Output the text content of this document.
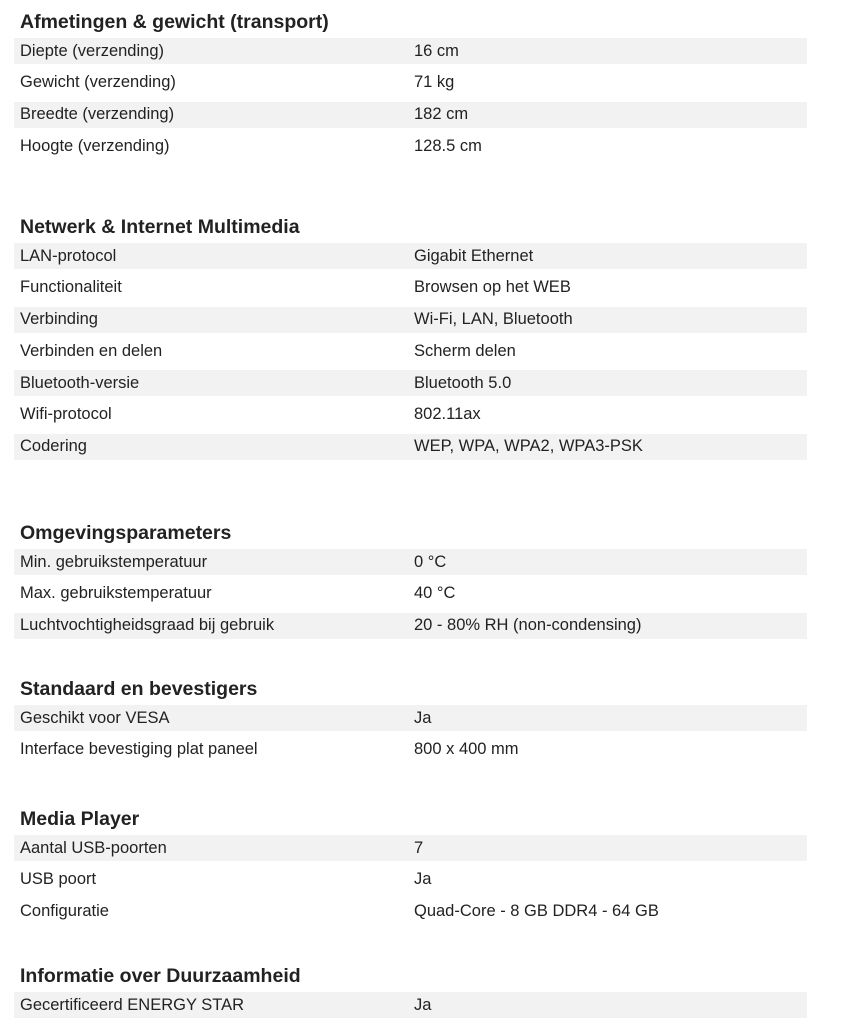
Afmetingen & gewicht (transport)
Diepte (verzending)	16 cm
Gewicht (verzending)	71 kg
Breedte (verzending)	182 cm
Hoogte (verzending)	128.5 cm
Netwerk & Internet Multimedia
LAN-protocol	Gigabit Ethernet
Functionaliteit	Browsen op het WEB
Verbinding	Wi-Fi, LAN, Bluetooth
Verbinden en delen	Scherm delen
Bluetooth-versie	Bluetooth 5.0
Wifi-protocol	802.11ax
Codering	WEP, WPA, WPA2, WPA3-PSK
Omgevingsparameters
Min. gebruikstemperatuur	0 °C
Max. gebruikstemperatuur	40 °C
Luchtvochtigheidsgraad bij gebruik	20 - 80% RH (non-condensing)
Standaard en bevestigers
Geschikt voor VESA	Ja
Interface bevestiging plat paneel	800 x 400 mm
Media Player
Aantal USB-poorten	7
USB poort	Ja
Configuratie	Quad-Core - 8 GB DDR4 - 64 GB
Informatie over Duurzaamheid
Gecertificeerd ENERGY STAR	Ja
